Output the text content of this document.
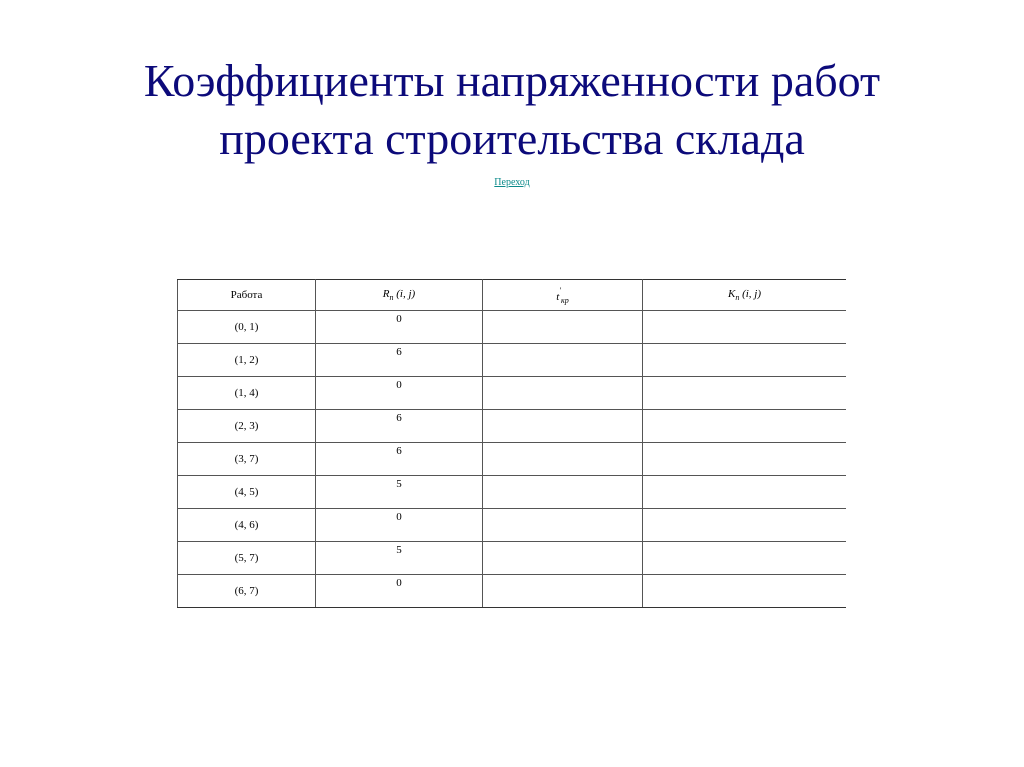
Коэффициенты напряженности работ
проекта строительства склада
Переход
Работа	$R_п$ (i, j)	$t'_{кр}$	$K_п$ (i, j)
(0, 1)	0		
(1, 2)	6		
(1, 4)	0		
(2, 3)	6		
(3, 7)	6		
(4, 5)	5		
(4, 6)	0		
(5, 7)	5		
(6, 7)	0		
